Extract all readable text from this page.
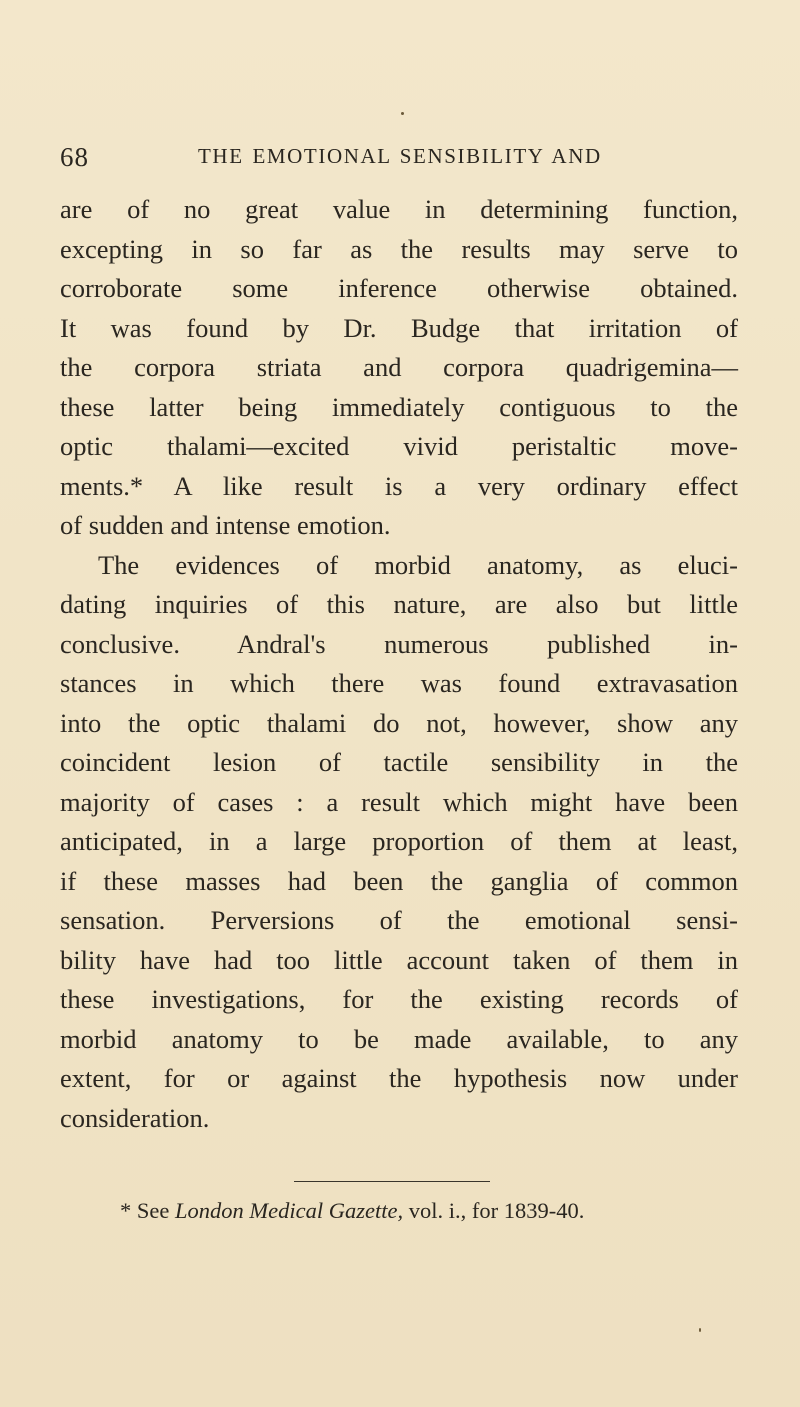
68	THE EMOTIONAL SENSIBILITY AND
are of no great value in determining function,
excepting in so far as the results may serve to
corroborate some inference otherwise obtained.
It was found by Dr. Budge that irritation of
the corpora striata and corpora quadrigemina—
these latter being immediately contiguous to the
optic thalami—excited vivid peristaltic move-
ments.* A like result is a very ordinary effect
of sudden and intense emotion.
The evidences of morbid anatomy, as eluci-
dating inquiries of this nature, are also but little
conclusive. Andral's numerous published in-
stances in which there was found extravasation
into the optic thalami do not, however, show any
coincident lesion of tactile sensibility in the
majority of cases : a result which might have been
anticipated, in a large proportion of them at least,
if these masses had been the ganglia of common
sensation. Perversions of the emotional sensi-
bility have had too little account taken of them in
these investigations, for the existing records of
morbid anatomy to be made available, to any
extent, for or against the hypothesis now under
consideration.
* See London Medical Gazette, vol. i., for 1839-40.
